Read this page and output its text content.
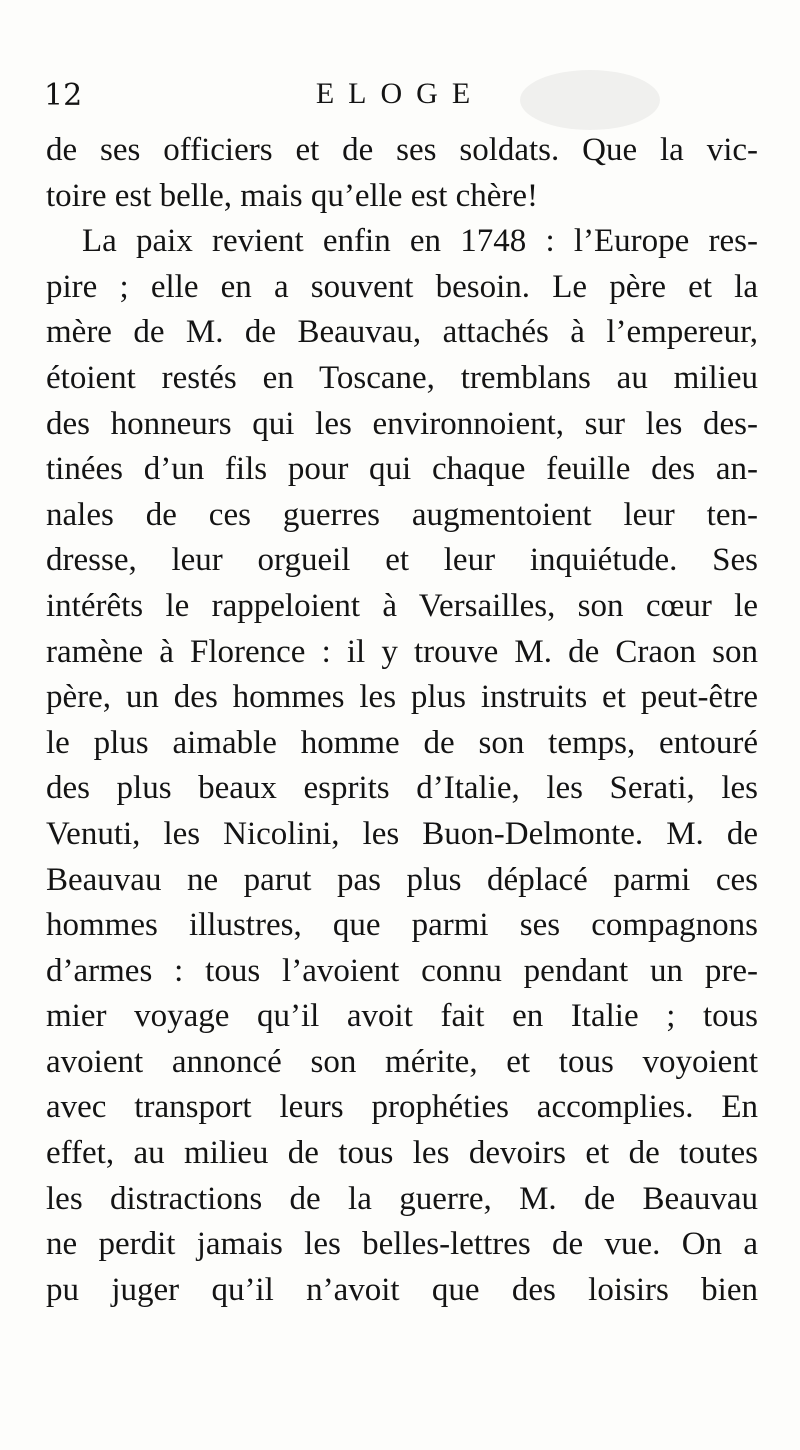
12	ELOGE
de ses officiers et de ses soldats. Que la vic-
toire est belle, mais qu’elle est chère!
La paix revient enfin en 1748 : l’Europe res-
pire ; elle en a souvent besoin. Le père et la
mère de M. de Beauvau, attachés à l’empereur,
étoient restés en Toscane, tremblans au milieu
des honneurs qui les environnoient, sur les des-
tinées d’un fils pour qui chaque feuille des an-
nales de ces guerres augmentoient leur ten-
dresse, leur orgueil et leur inquiétude. Ses
intérêts le rappeloient à Versailles, son cœur le
ramène à Florence : il y trouve M. de Craon son
père, un des hommes les plus instruits et peut-être
le plus aimable homme de son temps, entouré
des plus beaux esprits d’Italie, les Serati, les
Venuti, les Nicolini, les Buon-Delmonte. M. de
Beauvau ne parut pas plus déplacé parmi ces
hommes illustres, que parmi ses compagnons
d’armes : tous l’avoient connu pendant un pre-
mier voyage qu’il avoit fait en Italie ; tous
avoient annoncé son mérite, et tous voyoient
avec transport leurs prophéties accomplies. En
effet, au milieu de tous les devoirs et de toutes
les distractions de la guerre, M. de Beauvau
ne perdit jamais les belles-lettres de vue. On a
pu juger qu’il n’avoit que des loisirs bien
